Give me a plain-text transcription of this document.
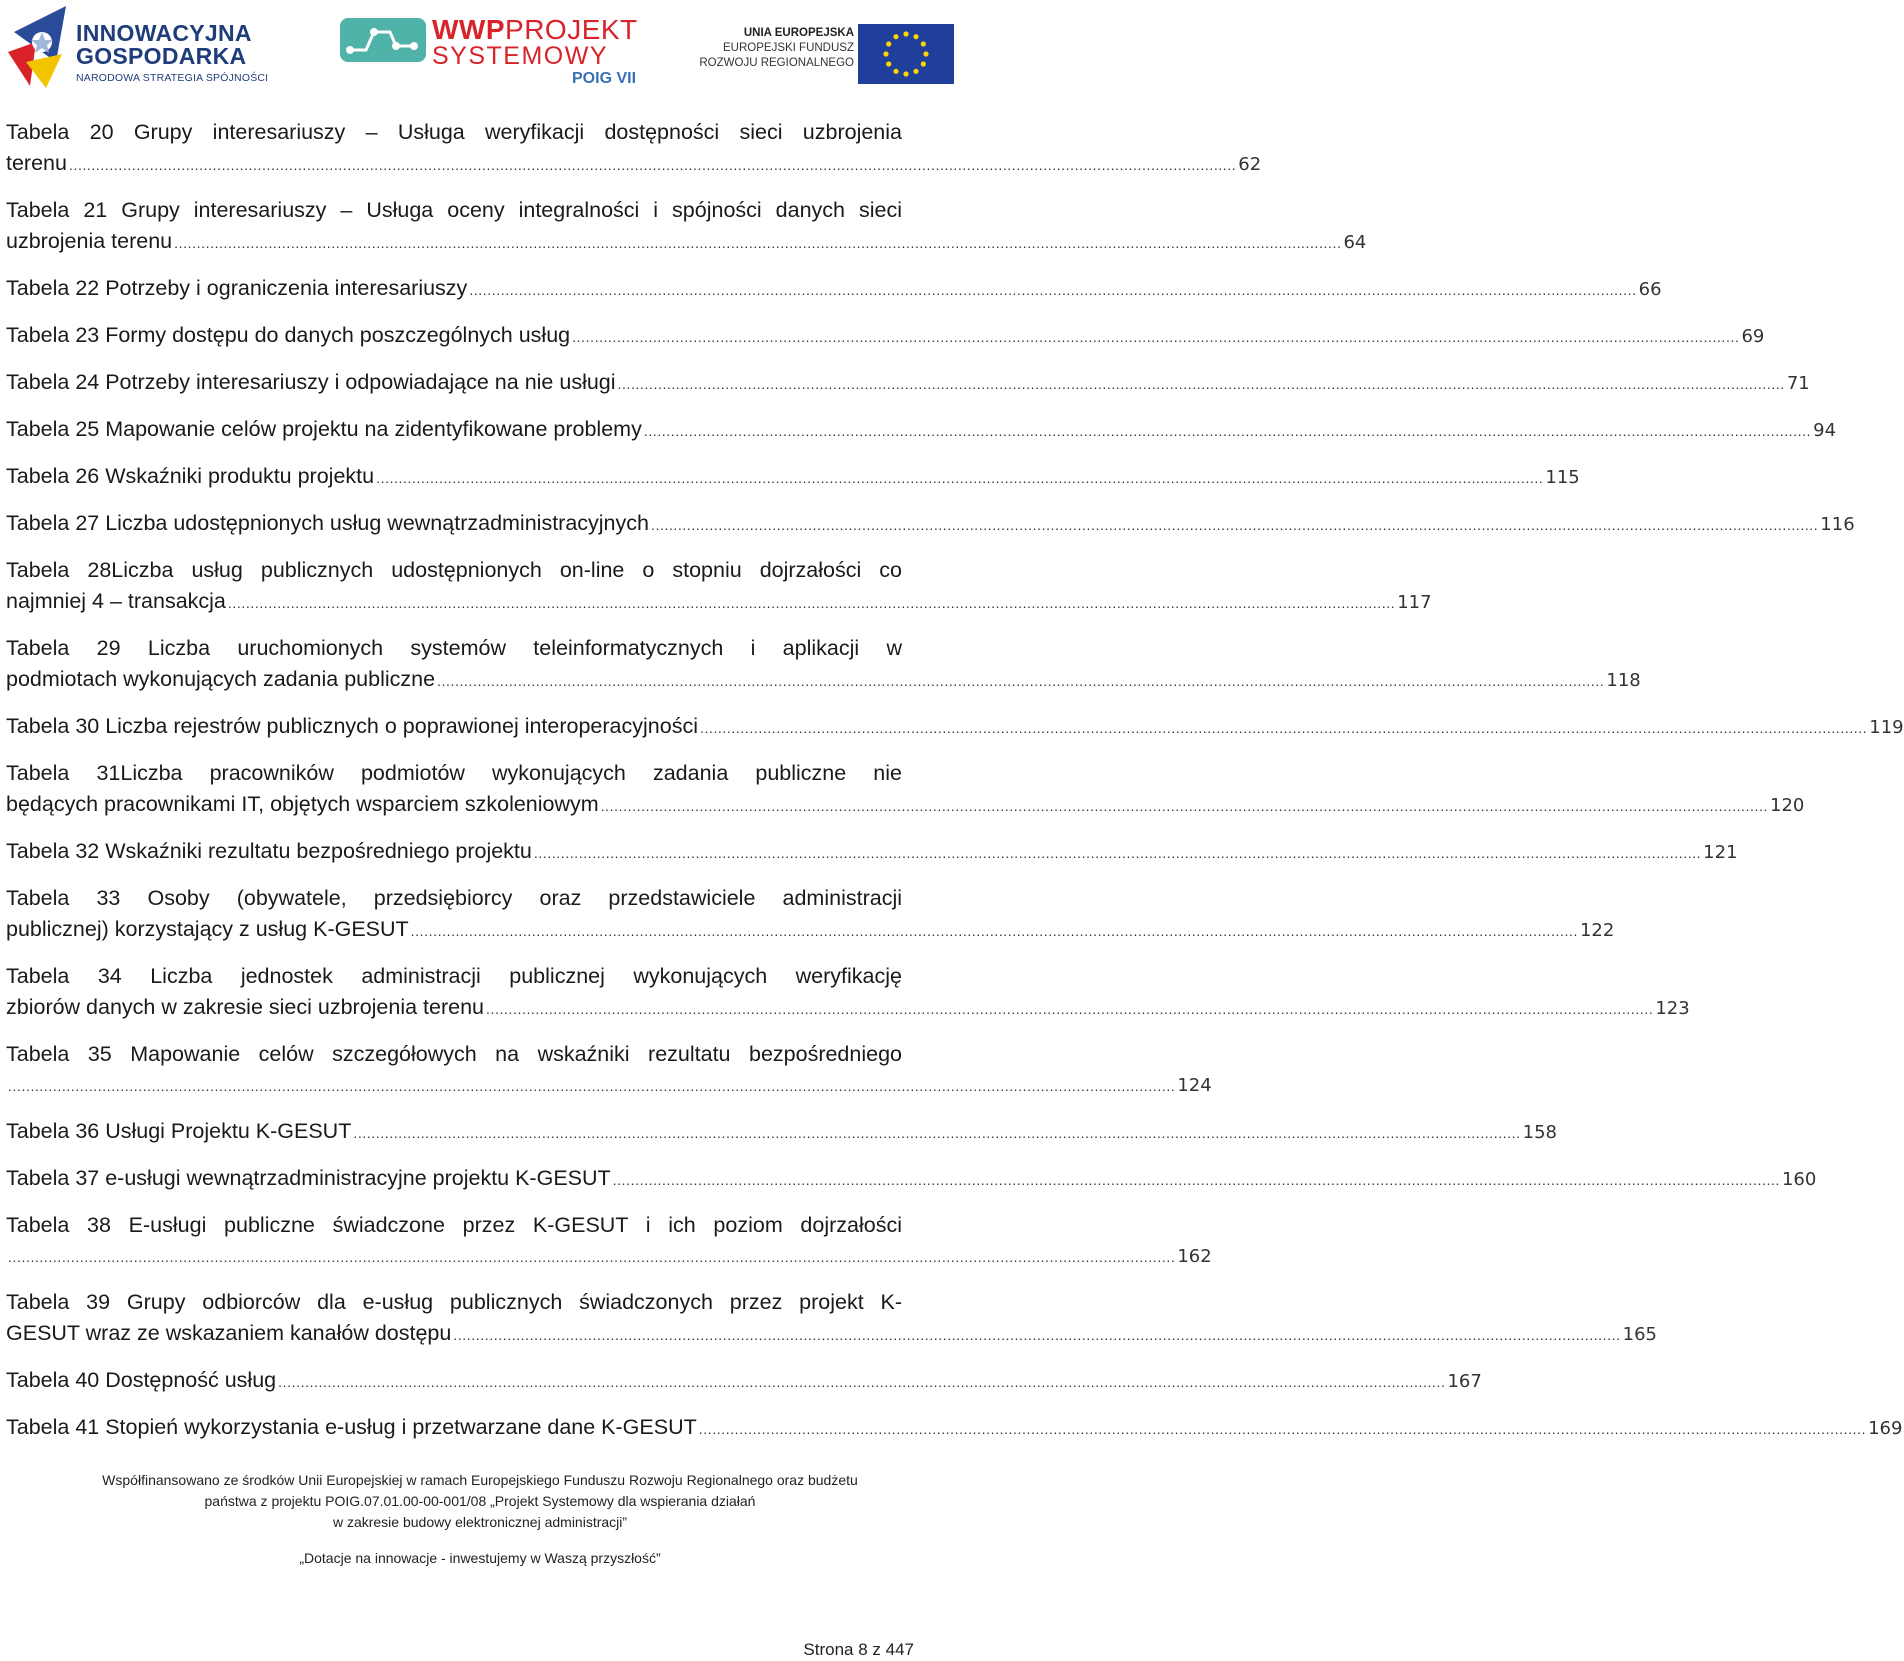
INNOWACYJNA
GOSPODARKA
NARODOWA STRATEGIA SPÓJNOŚCI
WWPPROJEKT
SYSTEMOWY
POIG VII
UNIA EUROPEJSKA
EUROPEJSKI FUNDUSZ
ROZWOJU REGIONALNEGO
Tabela 20 Grupy interesariuszy – Usługa weryfikacji dostępności sieci uzbrojenia
terenu .................................................................................................................................................................................................................................................................... 62
Tabela 21 Grupy interesariuszy – Usługa oceny integralności i spójności danych sieci
uzbrojenia terenu .................................................................................................................................................................................................................................................................... 64
Tabela 22 Potrzeby i ograniczenia interesariuszy .................................................................................................................................................................................................................................................................... 66
Tabela 23 Formy dostępu do danych poszczególnych usług .................................................................................................................................................................................................................................................................... 69
Tabela 24 Potrzeby interesariuszy i odpowiadające na nie usługi .................................................................................................................................................................................................................................................................... 71
Tabela 25 Mapowanie celów projektu na zidentyfikowane problemy .................................................................................................................................................................................................................................................................... 94
Tabela 26 Wskaźniki produktu projektu .................................................................................................................................................................................................................................................................... 115
Tabela 27 Liczba udostępnionych usług wewnątrzadministracyjnych .................................................................................................................................................................................................................................................................... 116
Tabela 28Liczba usług publicznych udostępnionych on-line o stopniu dojrzałości co
najmniej 4 – transakcja .................................................................................................................................................................................................................................................................... 117
Tabela 29 Liczba uruchomionych systemów teleinformatycznych i aplikacji w
podmiotach wykonujących zadania publiczne .................................................................................................................................................................................................................................................................... 118
Tabela 30 Liczba rejestrów publicznych o poprawionej interoperacyjności .................................................................................................................................................................................................................................................................... 119
Tabela 31Liczba pracowników podmiotów wykonujących zadania publiczne nie
będących pracownikami IT, objętych wsparciem szkoleniowym .................................................................................................................................................................................................................................................................... 120
Tabela 32 Wskaźniki rezultatu bezpośredniego projektu .................................................................................................................................................................................................................................................................... 121
Tabela 33 Osoby (obywatele, przedsiębiorcy oraz przedstawiciele administracji
publicznej) korzystający z usług K-GESUT .................................................................................................................................................................................................................................................................... 122
Tabela 34 Liczba jednostek administracji publicznej wykonujących weryfikację
zbiorów danych w zakresie sieci uzbrojenia terenu .................................................................................................................................................................................................................................................................... 123
Tabela 35 Mapowanie celów szczegółowych na wskaźniki rezultatu bezpośredniego
.................................................................................................................................................................................................................................................................... 124
Tabela 36 Usługi Projektu K-GESUT .................................................................................................................................................................................................................................................................... 158
Tabela 37 e-usługi wewnątrzadministracyjne projektu K-GESUT .................................................................................................................................................................................................................................................................... 160
Tabela 38 E-usługi publiczne świadczone przez K-GESUT i ich poziom dojrzałości
.................................................................................................................................................................................................................................................................... 162
Tabela 39 Grupy odbiorców dla e-usług publicznych świadczonych przez projekt K-
GESUT wraz ze wskazaniem kanałów dostępu .................................................................................................................................................................................................................................................................... 165
Tabela 40 Dostępność usług .................................................................................................................................................................................................................................................................... 167
Tabela 41 Stopień wykorzystania e-usług i przetwarzane dane K-GESUT .................................................................................................................................................................................................................................................................... 169
Współfinansowano ze środków Unii Europejskiej w ramach Europejskiego Funduszu Rozwoju Regionalnego oraz budżetu
państwa z projektu POIG.07.01.00-00-001/08 „Projekt Systemowy dla wspierania działań
w zakresie budowy elektronicznej administracji”
„Dotacje na innowacje - inwestujemy w Waszą przyszłość”
Strona 8 z 447
